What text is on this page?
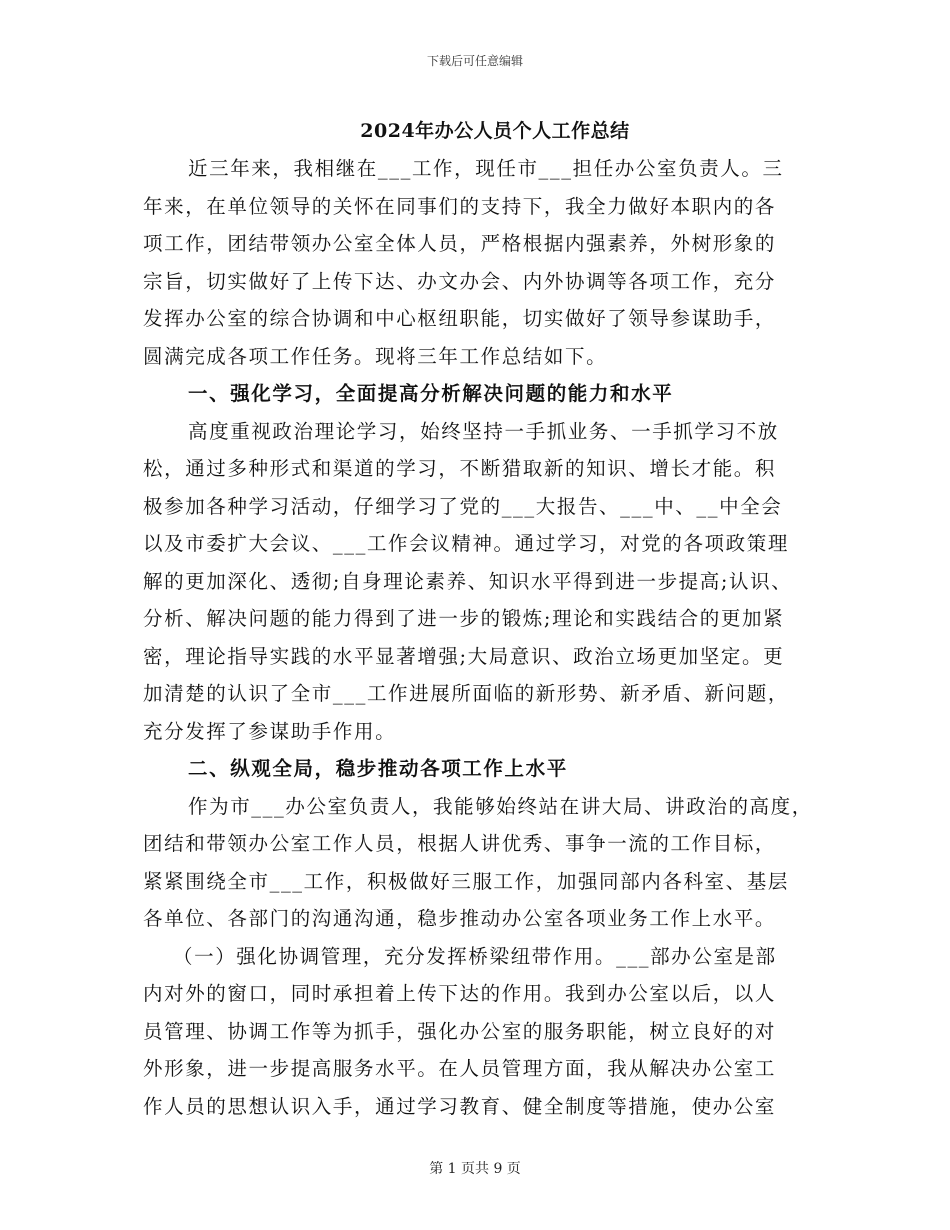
下载后可任意编辑
2024年办公人员个人工作总结
近三年来，我相继在___工作，现任市___担任办公室负责人。三
年来，在单位领导的关怀在同事们的支持下，我全力做好本职内的各
项工作，团结带领办公室全体人员，严格根据内强素养，外树形象的
宗旨，切实做好了上传下达、办文办会、内外协调等各项工作，充分
发挥办公室的综合协调和中心枢纽职能，切实做好了领导参谋助手，
圆满完成各项工作任务。现将三年工作总结如下。
一、强化学习，全面提高分析解决问题的能力和水平
高度重视政治理论学习，始终坚持一手抓业务、一手抓学习不放
松，通过多种形式和渠道的学习，不断猎取新的知识、增长才能。积
极参加各种学习活动，仔细学习了党的___大报告、___中、__中全会
以及市委扩大会议、___工作会议精神。通过学习，对党的各项政策理
解的更加深化、透彻;自身理论素养、知识水平得到进一步提高;认识、
分析、解决问题的能力得到了进一步的锻炼;理论和实践结合的更加紧
密，理论指导实践的水平显著增强;大局意识、政治立场更加坚定。更
加清楚的认识了全市___工作进展所面临的新形势、新矛盾、新问题，
充分发挥了参谋助手作用。
二、纵观全局，稳步推动各项工作上水平
作为市___办公室负责人，我能够始终站在讲大局、讲政治的高度，
团结和带领办公室工作人员，根据人讲优秀、事争一流的工作目标，
紧紧围绕全市___工作，积极做好三服工作，加强同部内各科室、基层
各单位、各部门的沟通沟通，稳步推动办公室各项业务工作上水平。
（一）强化协调管理，充分发挥桥梁纽带作用。___部办公室是部
内对外的窗口，同时承担着上传下达的作用。我到办公室以后，以人
员管理、协调工作等为抓手，强化办公室的服务职能，树立良好的对
外形象，进一步提高服务水平。在人员管理方面，我从解决办公室工
作人员的思想认识入手，通过学习教育、健全制度等措施，使办公室
第 1 页共 9 页
